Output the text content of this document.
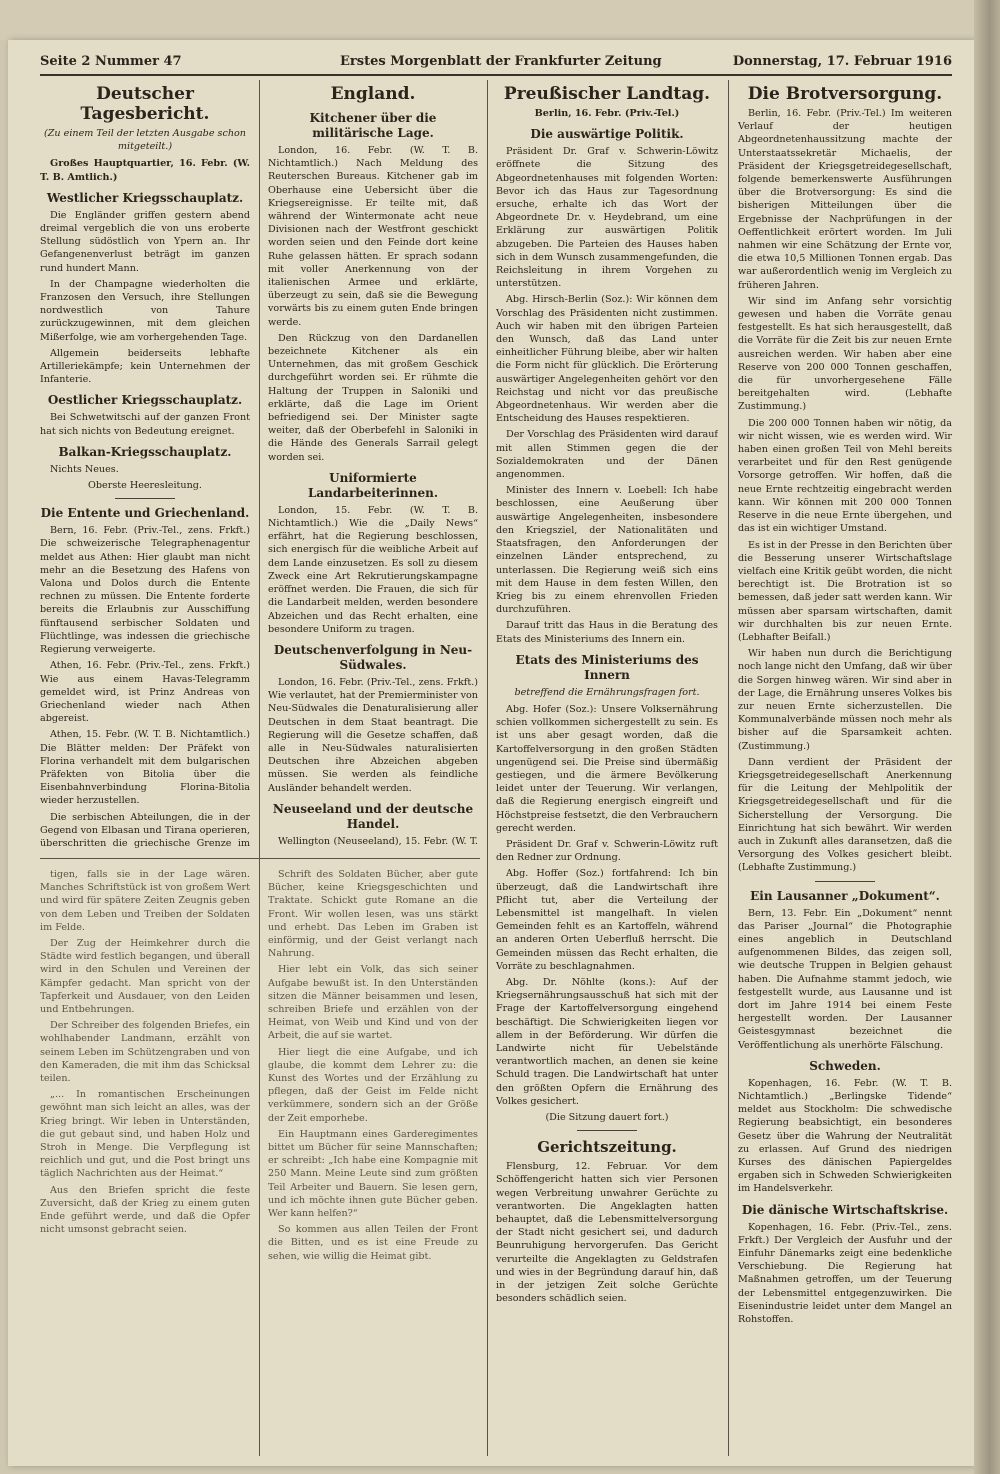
Seite 2 Nummer 47	Erstes Morgenblatt der Frankfurter Zeitung	Donnerstag, 17. Februar 1916
Deutscher Tagesbericht.
(Zu einem Teil der letzten Ausgabe schon mitgeteilt.)

Großes Hauptquartier, 16. Febr. (W. T. B. Amtlich.)

Westlicher Kriegsschauplatz.

Die Engländer griffen gestern abend dreimal vergeblich die von uns eroberte Stellung südöstlich von Ypern an. Ihr Gefangenenverlust beträgt im ganzen rund hundert Mann.

In der Champagne wiederholten die Franzosen den Versuch, ihre Stellungen nordwestlich von Tahure zurückzugewinnen, mit dem gleichen Mißerfolge, wie am vorhergehenden Tage.

Allgemein beiderseits lebhafte Artilleriekämpfe; kein Unternehmen der Infanterie.

Oestlicher Kriegsschauplatz.

Bei Schwetwitschi auf der ganzen Front hat sich nichts von Bedeutung ereignet.

Balkan-Kriegsschauplatz.

Nichts Neues.

Oberste Heeresleitung.

Die Entente und Griechenland.

Bern, 16. Febr. (Priv.-Tel., zens. Frkft.) Die schweizerische Telegraphenagentur meldet aus Athen: Hier glaubt man nicht mehr an die Besetzung des Hafens von Valona und Dolos durch die Entente rechnen zu müssen. Die Entente forderte bereits die Erlaubnis zur Ausschiffung fünftausend serbischer Soldaten und Flüchtlinge, was indessen die griechische Regierung verweigerte.

Athen, 16. Febr. (Priv.-Tel., zens. Frkft.) Wie aus einem Havas-Telegramm gemeldet wird, ist Prinz Andreas von Griechenland wieder nach Athen abgereist.

Athen, 15. Febr. (W. T. B. Nichtamtlich.) Die Blätter melden: Der Präfekt von Florina verhandelt mit dem bulgarischen Präfekten von Bitolia über die Eisenbahnverbindung Florina-Bitolia wieder herzustellen.

Die serbischen Abteilungen, die in der Gegend von Elbasan und Tirana operieren, überschritten die griechische Grenze im

tigen, falls sie in der Lage wären. Manches Schriftstück ist von großem Wert und wird für spätere Zeiten Zeugnis geben von dem Leben und Treiben der Soldaten im Felde.

Der Zug der Heimkehrer durch die Städte wird festlich begangen, und überall wird in den Schulen und Vereinen der Kämpfer gedacht. Man spricht von der Tapferkeit und Ausdauer, von den Leiden und Entbehrungen.

Der Schreiber des folgenden Briefes, ein wohlhabender Landmann, erzählt von seinem Leben im Schützengraben und von den Kameraden, die mit ihm das Schicksal teilen.

„... In romantischen Erscheinungen gewöhnt man sich leicht an alles, was der Krieg bringt. Wir leben in Unterständen, die gut gebaut sind, und haben Holz und Stroh in Menge. Die Verpflegung ist reichlich und gut, und die Post bringt uns täglich Nachrichten aus der Heimat.“

Aus den Briefen spricht die feste Zuversicht, daß der Krieg zu einem guten Ende geführt werde, und daß die Opfer nicht umsonst gebracht seien.

England.
Kitchener über die militärische Lage.

London, 16. Febr. (W. T. B. Nichtamtlich.) Nach Meldung des Reuterschen Bureaus. Kitchener gab im Oberhause eine Uebersicht über die Kriegsereignisse. Er teilte mit, daß während der Wintermonate acht neue Divisionen nach der Westfront geschickt worden seien und den Feinde dort keine Ruhe gelassen hätten. Er sprach sodann mit voller Anerkennung von der italienischen Armee und erklärte, überzeugt zu sein, daß sie die Bewegung vorwärts bis zu einem guten Ende bringen werde.

Den Rückzug von den Dardanellen bezeichnete Kitchener als ein Unternehmen, das mit großem Geschick durchgeführt worden sei. Er rühmte die Haltung der Truppen in Saloniki und erklärte, daß die Lage im Orient befriedigend sei. Der Minister sagte weiter, daß der Oberbefehl in Saloniki in die Hände des Generals Sarrail gelegt worden sei.

Uniformierte Landarbeiterinnen.

London, 15. Febr. (W. T. B. Nichtamtlich.) Wie die „Daily News“ erfährt, hat die Regierung beschlossen, sich energisch für die weibliche Arbeit auf dem Lande einzusetzen. Es soll zu diesem Zweck eine Art Rekrutierungskampagne eröffnet werden. Die Frauen, die sich für die Landarbeit melden, werden besondere Abzeichen und das Recht erhalten, eine besondere Uniform zu tragen.

Deutschenverfolgung in Neu-Südwales.

London, 16. Febr. (Priv.-Tel., zens. Frkft.) Wie verlautet, hat der Premierminister von Neu-Südwales die Denaturalisierung aller Deutschen in dem Staat beantragt. Die Regierung will die Gesetze schaffen, daß alle in Neu-Südwales naturalisierten Deutschen ihre Abzeichen abgeben müssen. Sie werden als feindliche Ausländer behandelt werden.

Neuseeland und der deutsche Handel.

Wellington (Neuseeland), 15. Febr. (W. T.

Schrift des Soldaten Bücher, aber gute Bücher, keine Kriegsgeschichten und Traktate. Schickt gute Romane an die Front. Wir wollen lesen, was uns stärkt und erhebt. Das Leben im Graben ist einförmig, und der Geist verlangt nach Nahrung.

Hier lebt ein Volk, das sich seiner Aufgabe bewußt ist. In den Unterständen sitzen die Männer beisammen und lesen, schreiben Briefe und erzählen von der Heimat, von Weib und Kind und von der Arbeit, die auf sie wartet.

Hier liegt die eine Aufgabe, und ich glaube, die kommt dem Lehrer zu: die Kunst des Wortes und der Erzählung zu pflegen, daß der Geist im Felde nicht verkümmere, sondern sich an der Größe der Zeit emporhebe.

Ein Hauptmann eines Garderegimentes bittet um Bücher für seine Mannschaften; er schreibt: „Ich habe eine Kompagnie mit 250 Mann. Meine Leute sind zum größten Teil Arbeiter und Bauern. Sie lesen gern, und ich möchte ihnen gute Bücher geben. Wer kann helfen?“

So kommen aus allen Teilen der Front die Bitten, und es ist eine Freude zu sehen, wie willig die Heimat gibt.

Preußischer Landtag.

Berlin, 16. Febr. (Priv.-Tel.)

Die auswärtige Politik.

Präsident Dr. Graf v. Schwerin-Löwitz eröffnete die Sitzung des Abgeordnetenhauses mit folgenden Worten: Bevor ich das Haus zur Tagesordnung ersuche, erhalte ich das Wort der Abgeordnete Dr. v. Heydebrand, um eine Erklärung zur auswärtigen Politik abzugeben. Die Parteien des Hauses haben sich in dem Wunsch zusammengefunden, die Reichsleitung in ihrem Vorgehen zu unterstützen.

Abg. Hirsch-Berlin (Soz.): Wir können dem Vorschlag des Präsidenten nicht zustimmen. Auch wir haben mit den übrigen Parteien den Wunsch, daß das Land unter einheitlicher Führung bleibe, aber wir halten die Form nicht für glücklich. Die Erörterung auswärtiger Angelegenheiten gehört vor den Reichstag und nicht vor das preußische Abgeordnetenhaus. Wir werden aber die Entscheidung des Hauses respektieren.

Der Vorschlag des Präsidenten wird darauf mit allen Stimmen gegen die der Sozialdemokraten und der Dänen angenommen.

Minister des Innern v. Loebell: Ich habe beschlossen, eine Aeußerung über auswärtige Angelegenheiten, insbesondere den Kriegsziel, der Nationalitäten und Staatsfragen, den Anforderungen der einzelnen Länder entsprechend, zu unterlassen. Die Regierung weiß sich eins mit dem Hause in dem festen Willen, den Krieg bis zu einem ehrenvollen Frieden durchzuführen.

Darauf tritt das Haus in die Beratung des Etats des Ministeriums des Innern ein.

Etats des Ministeriums des Innern
betreffend die Ernährungsfragen fort.

Abg. Hofer (Soz.): Unsere Volksernährung schien vollkommen sichergestellt zu sein. Es ist uns aber gesagt worden, daß die Kartoffelversorgung in den großen Städten ungenügend sei. Die Preise sind übermäßig gestiegen, und die ärmere Bevölkerung leidet unter der Teuerung. Wir verlangen, daß die Regierung energisch eingreift und Höchstpreise festsetzt, die den Verbrauchern gerecht werden.

Präsident Dr. Graf v. Schwerin-Löwitz ruft den Redner zur Ordnung.

Abg. Hoffer (Soz.) fortfahrend: Ich bin überzeugt, daß die Landwirtschaft ihre Pflicht tut, aber die Verteilung der Lebensmittel ist mangelhaft. In vielen Gemeinden fehlt es an Kartoffeln, während an anderen Orten Ueberfluß herrscht. Die Gemeinden müssen das Recht erhalten, die Vorräte zu beschlagnahmen.

Abg. Dr. Nöhlte (kons.): Auf der Kriegsernährungsausschuß hat sich mit der Frage der Kartoffelversorgung eingehend beschäftigt. Die Schwierigkeiten liegen vor allem in der Beförderung. Wir dürfen die Landwirte nicht für Uebelstände verantwortlich machen, an denen sie keine Schuld tragen. Die Landwirtschaft hat unter den größten Opfern die Ernährung des Volkes gesichert.

(Die Sitzung dauert fort.)

Gerichtszeitung.

Flensburg, 12. Februar. Vor dem Schöffengericht hatten sich vier Personen wegen Verbreitung unwahrer Gerüchte zu verantworten. Die Angeklagten hatten behauptet, daß die Lebensmittelversorgung der Stadt nicht gesichert sei, und dadurch Beunruhigung hervorgerufen. Das Gericht verurteilte die Angeklagten zu Geldstrafen und wies in der Begründung darauf hin, daß in der jetzigen Zeit solche Gerüchte besonders schädlich seien.

Die Brotversorgung.

Berlin, 16. Febr. (Priv.-Tel.) Im weiteren Verlauf der heutigen Abgeordnetenhaussitzung machte der Unterstaatssekretär Michaelis, der Präsident der Kriegsgetreidegesellschaft, folgende bemerkenswerte Ausführungen über die Brotversorgung: Es sind die bisherigen Mitteilungen über die Ergebnisse der Nachprüfungen in der Oeffentlichkeit erörtert worden. Im Juli nahmen wir eine Schätzung der Ernte vor, die etwa 10,5 Millionen Tonnen ergab. Das war außerordentlich wenig im Vergleich zu früheren Jahren.

Wir sind im Anfang sehr vorsichtig gewesen und haben die Vorräte genau festgestellt. Es hat sich herausgestellt, daß die Vorräte für die Zeit bis zur neuen Ernte ausreichen werden. Wir haben aber eine Reserve von 200 000 Tonnen geschaffen, die für unvorhergesehene Fälle bereitgehalten wird. (Lebhafte Zustimmung.)

Die 200 000 Tonnen haben wir nötig, da wir nicht wissen, wie es werden wird. Wir haben einen großen Teil von Mehl bereits verarbeitet und für den Rest genügende Vorsorge getroffen. Wir hoffen, daß die neue Ernte rechtzeitig eingebracht werden kann. Wir können mit 200 000 Tonnen Reserve in die neue Ernte übergehen, und das ist ein wichtiger Umstand.

Es ist in der Presse in den Berichten über die Besserung unserer Wirtschaftslage vielfach eine Kritik geübt worden, die nicht berechtigt ist. Die Brotration ist so bemessen, daß jeder satt werden kann. Wir müssen aber sparsam wirtschaften, damit wir durchhalten bis zur neuen Ernte. (Lebhafter Beifall.)

Wir haben nun durch die Berichtigung noch lange nicht den Umfang, daß wir über die Sorgen hinweg wären. Wir sind aber in der Lage, die Ernährung unseres Volkes bis zur neuen Ernte sicherzustellen. Die Kommunalverbände müssen noch mehr als bisher auf die Sparsamkeit achten. (Zustimmung.)

Dann verdient der Präsident der Kriegsgetreidegesellschaft Anerkennung für die Leitung der Mehlpolitik der Kriegsgetreidegesellschaft und für die Sicherstellung der Versorgung. Die Einrichtung hat sich bewährt. Wir werden auch in Zukunft alles daransetzen, daß die Versorgung des Volkes gesichert bleibt. (Lebhafte Zustimmung.)

Ein Lausanner „Dokument“.

Bern, 13. Febr. Ein „Dokument“ nennt das Pariser „Journal“ die Photographie eines angeblich in Deutschland aufgenommenen Bildes, das zeigen soll, wie deutsche Truppen in Belgien gehaust haben. Die Aufnahme stammt jedoch, wie festgestellt wurde, aus Lausanne und ist dort im Jahre 1914 bei einem Feste hergestellt worden. Der Lausanner Geistesgymnast bezeichnet die Veröffentlichung als unerhörte Fälschung.

Schweden.

Kopenhagen, 16. Febr. (W. T. B. Nichtamtlich.) „Berlingske Tidende“ meldet aus Stockholm: Die schwedische Regierung beabsichtigt, ein besonderes Gesetz über die Wahrung der Neutralität zu erlassen. Auf Grund des niedrigen Kurses des dänischen Papiergeldes ergaben sich in Schweden Schwierigkeiten im Handelsverkehr.

Die dänische Wirtschaftskrise.

Kopenhagen, 16. Febr. (Priv.-Tel., zens. Frkft.) Der Vergleich der Ausfuhr und der Einfuhr Dänemarks zeigt eine bedenkliche Verschiebung. Die Regierung hat Maßnahmen getroffen, um der Teuerung der Lebensmittel entgegenzuwirken. Die Eisenindustrie leidet unter dem Mangel an Rohstoffen.
